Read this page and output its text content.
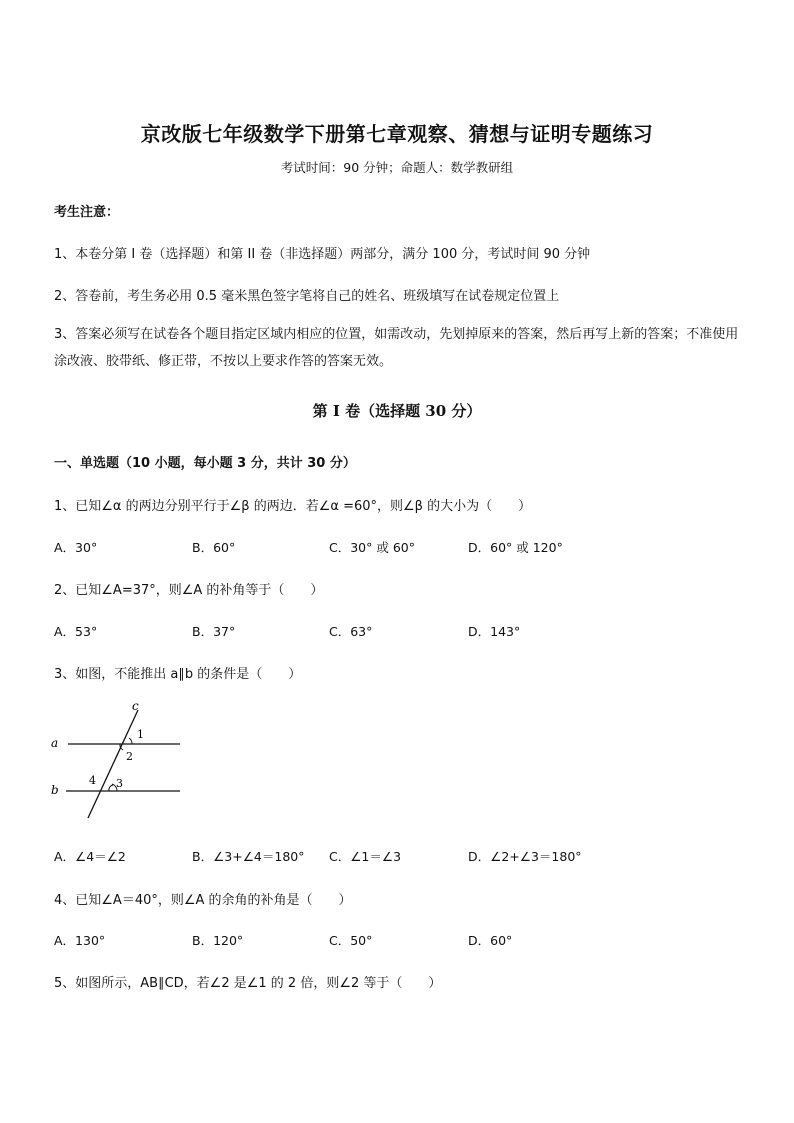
京改版七年级数学下册第七章观察、猜想与证明专题练习
考试时间：90 分钟；命题人：数学教研组
考生注意：
1、本卷分第 I 卷（选择题）和第 II 卷（非选择题）两部分，满分 100 分，考试时间 90 分钟
2、答卷前，考生务必用 0.5 毫米黑色签字笔将自己的姓名、班级填写在试卷规定位置上
3、答案必须写在试卷各个题目指定区域内相应的位置，如需改动，先划掉原来的答案，然后再写上新的答案；不准使用涂改液、胶带纸、修正带，不按以上要求作答的答案无效。
第 I 卷（选择题 30 分）
一、单选题（10 小题，每小题 3 分，共计 30 分）
1、已知∠α 的两边分别平行于∠β 的两边．若∠α =60°，则∠β 的大小为（　　）
A．30°	B．60°	C．30° 或 60°	D．60° 或 120°
2、已知∠A=37°，则∠A 的补角等于（　　）
A．53°	B．37°	C．63°	D．143°
3、如图，不能推出 a∥b 的条件是（　　）
a
b
c
1
2
3
4
A．∠4＝∠2	B．∠3+∠4＝180° C．∠1＝∠3	D．∠2+∠3＝180°
4、已知∠A＝40°，则∠A 的余角的补角是（　　）
A．130°	B．120°	C．50°	D．60°
5、如图所示，AB∥CD，若∠2 是∠1 的 2 倍，则∠2 等于（　　）
